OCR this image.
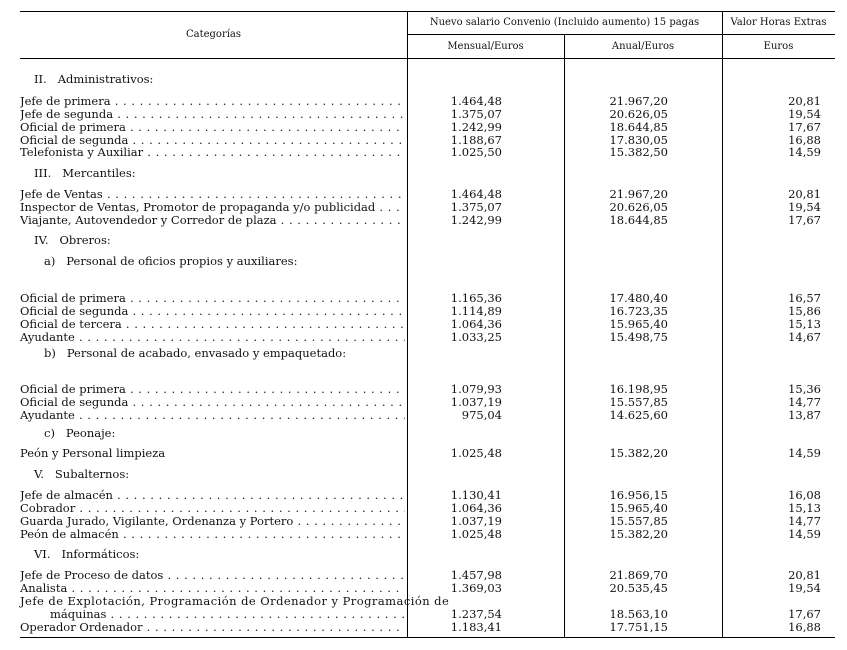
Categorías
Nuevo salario Convenio (Incluido aumento) 15 pagas	Valor Horas Extras
Mensual/Euros	Anual/Euros	Euros
II.   Administrativos:
III.   Mercantiles:
IV.   Obreros:
a)   Personal de oficios propios y auxiliares:
b)   Personal de acabado, envasado y empaquetado:
c)   Peonaje:
V.   Subalternos:
VI.   Informáticos:
Jefe de primera . . .	1.464,48	21.967,20	20,81
Jefe de segunda . . .	1.375,07	20.626,05	19,54
Oficial de primera . . .	1.242,99	18.644,85	17,67
Oficial de segunda . . .	1.188,67	17.830,05	16,88
Telefonista y Auxiliar . . .	1.025,50	15.382,50	14,59
Jefe de Ventas . . .	1.464,48	21.967,20	20,81
Inspector de Ventas, Promotor de propaganda y/o publicidad . . .	1.375,07	20.626,05	19,54
Viajante, Autovendedor y Corredor de plaza . . .	1.242,99	18.644,85	17,67
Oficial de primera . . .	1.165,36	17.480,40	16,57
Oficial de segunda . . .	1.114,89	16.723,35	15,86
Oficial de tercera . . .	1.064,36	15.965,40	15,13
Ayudante . . .	1.033,25	15.498,75	14,67
Oficial de primera . . .	1.079,93	16.198,95	15,36
Oficial de segunda . . .	1.037,19	15.557,85	14,77
Ayudante . . .	975,04	14.625,60	13,87
Peón y Personal limpieza	1.025,48	15.382,20	14,59
Jefe de almacén . . .	1.130,41	16.956,15	16,08
Cobrador . . .	1.064,36	15.965,40	15,13
Guarda Jurado, Vigilante, Ordenanza y Portero . . .	1.037,19	15.557,85	14,77
Peón de almacén . . .	1.025,48	15.382,20	14,59
Jefe de Proceso de datos . . .	1.457,98	21.869,70	20,81
Analista . . .	1.369,03	20.535,45	19,54
Jefe de Explotación, Programación de Ordenador y Programación de
máquinas . . .	1.237,54	18.563,10	17,67
Operador Ordenador . . .	1.183,41	17.751,15	16,88
